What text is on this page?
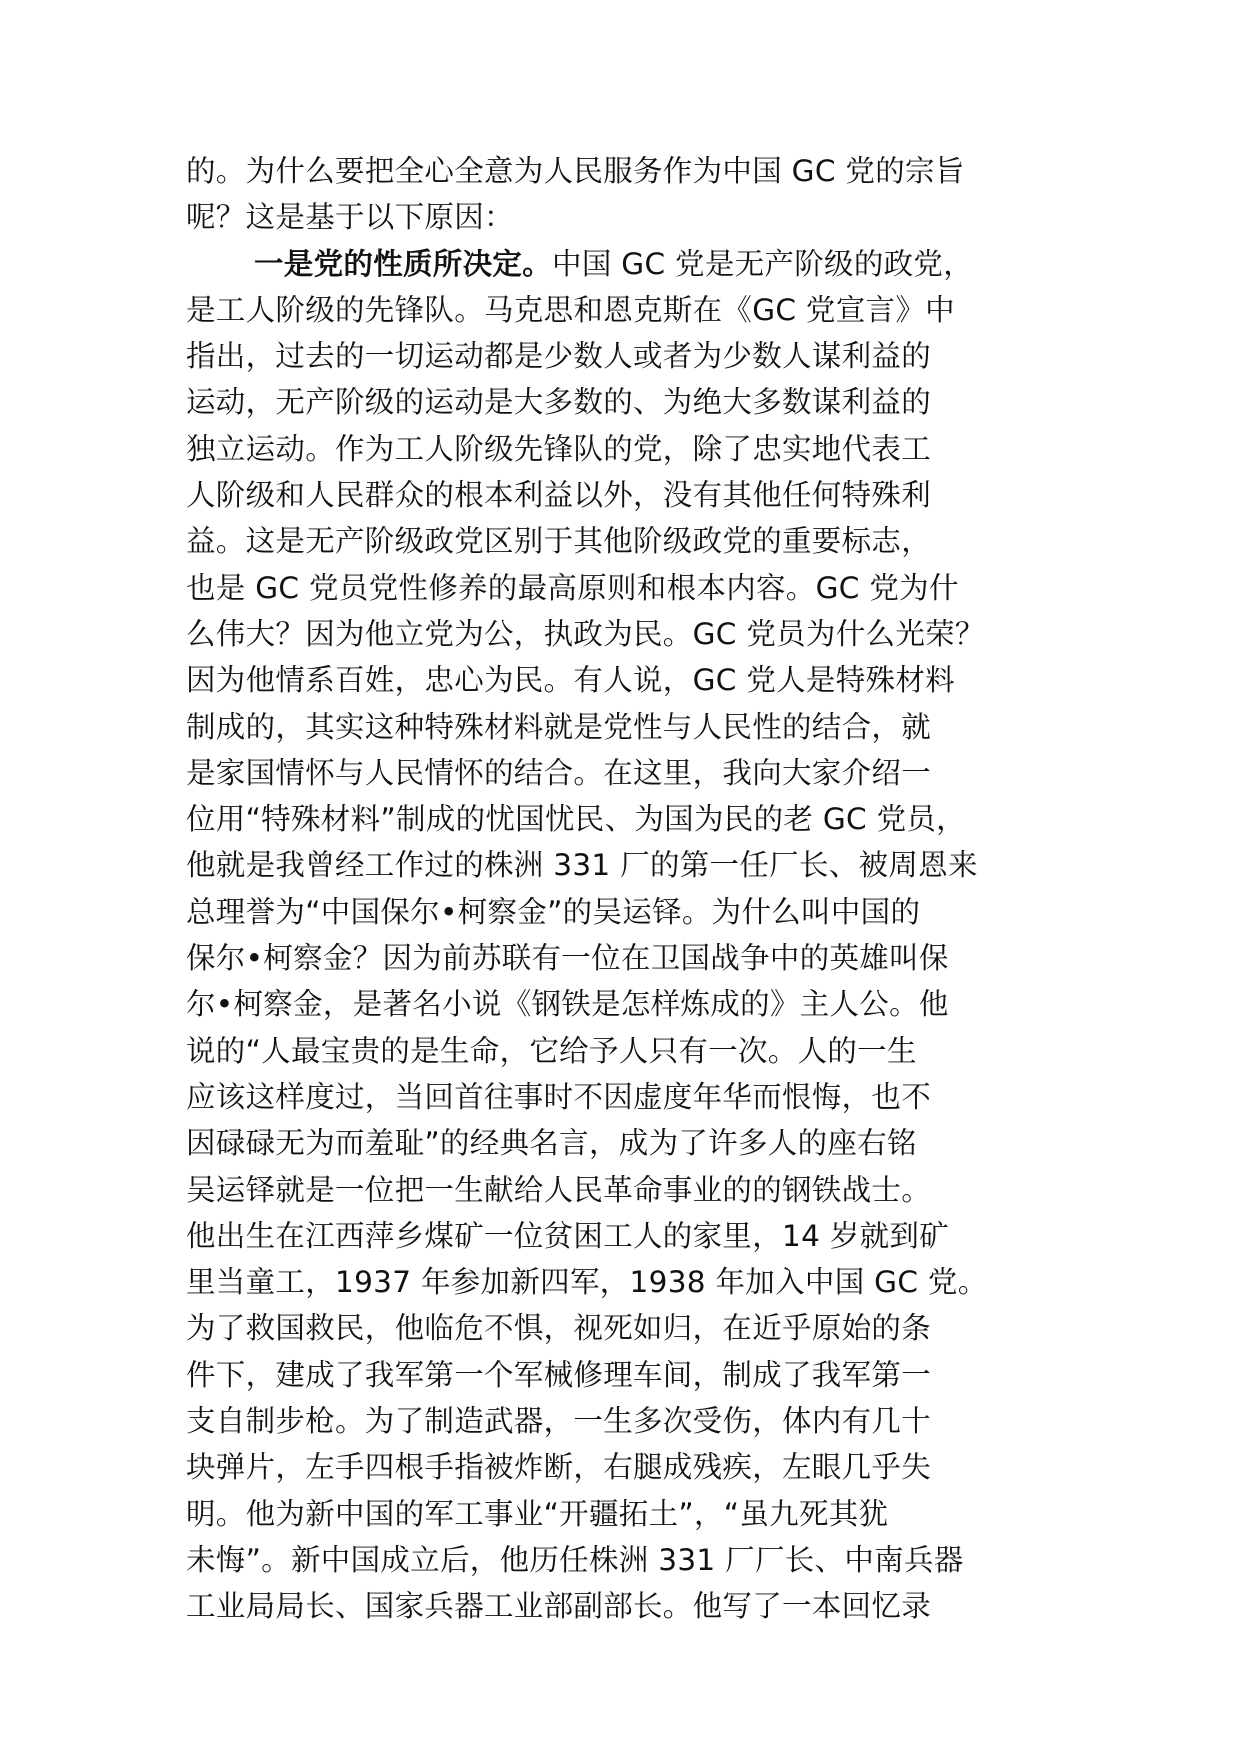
的。为什么要把全心全意为人民服务作为中国 GC 党的宗旨
呢？这是基于以下原因：
一是党的性质所决定。中国 GC 党是无产阶级的政党，
是工人阶级的先锋队。马克思和恩克斯在《GC 党宣言》中
指出，过去的一切运动都是少数人或者为少数人谋利益的
运动，无产阶级的运动是大多数的、为绝大多数谋利益的
独立运动。作为工人阶级先锋队的党，除了忠实地代表工
人阶级和人民群众的根本利益以外，没有其他任何特殊利
益。这是无产阶级政党区别于其他阶级政党的重要标志，
也是 GC 党员党性修养的最高原则和根本内容。GC 党为什
么伟大？因为他立党为公，执政为民。GC 党员为什么光荣？
因为他情系百姓，忠心为民。有人说，GC 党人是特殊材料
制成的，其实这种特殊材料就是党性与人民性的结合，就
是家国情怀与人民情怀的结合。在这里，我向大家介绍一
位用“特殊材料”制成的忧国忧民、为国为民的老 GC 党员，
他就是我曾经工作过的株洲 331 厂的第一任厂长、被周恩来
总理誉为“中国保尔•柯察金”的吴运铎。为什么叫中国的
保尔•柯察金？因为前苏联有一位在卫国战争中的英雄叫保
尔•柯察金，是著名小说《钢铁是怎样炼成的》主人公。他
说的“人最宝贵的是生命，它给予人只有一次。人的一生
应该这样度过，当回首往事时不因虚度年华而恨悔，也不
因碌碌无为而羞耻”的经典名言，成为了许多人的座右铭
吴运铎就是一位把一生献给人民革命事业的的钢铁战士。
他出生在江西萍乡煤矿一位贫困工人的家里，14 岁就到矿
里当童工，1937 年参加新四军，1938 年加入中国 GC 党。
为了救国救民，他临危不惧，视死如归，在近乎原始的条
件下，建成了我军第一个军械修理车间，制成了我军第一
支自制步枪。为了制造武器，一生多次受伤，体内有几十
块弹片，左手四根手指被炸断，右腿成残疾，左眼几乎失
明。他为新中国的军工事业“开疆拓土”，“虽九死其犹
未悔”。新中国成立后，他历任株洲 331 厂厂长、中南兵器
工业局局长、国家兵器工业部副部长。他写了一本回忆录
